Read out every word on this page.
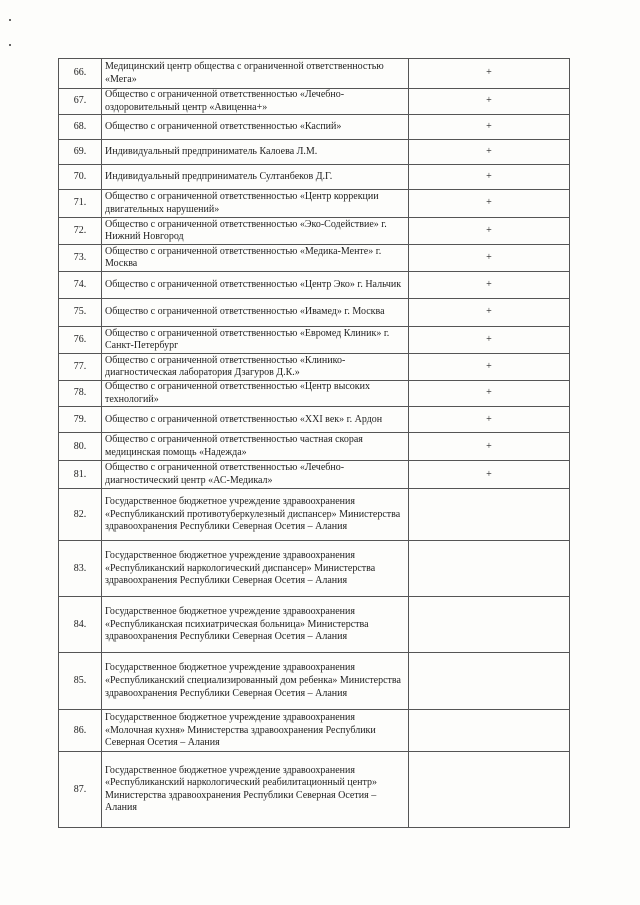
66.	Медицинский центр общества с ограниченной ответственностью «Мега»	+
67.	Общество с ограниченной ответственностью «Лечебно-оздоровительный центр «Авиценна+»	+
68.	Общество с ограниченной ответственностью «Каспий»	+
69.	Индивидуальный предприниматель Калоева Л.М.	+
70.	Индивидуальный предприниматель Султанбеков Д.Г.	+
71.	Общество с ограниченной ответственностью «Центр коррекции двигательных нарушений»	+
72.	Общество с ограниченной ответственностью «Эко-Содействие» г. Нижний Новгород	+
73.	Общество с ограниченной ответственностью «Медика-Менте» г. Москва	+
74.	Общество с ограниченной ответственностью «Центр Эко» г. Нальчик	+
75.	Общество с ограниченной ответственностью «Ивамед» г. Москва	+
76.	Общество с ограниченной ответственностью «Евромед Клиник» г. Санкт-Петербург	+
77.	Общество с ограниченной ответственностью «Клинико-диагностическая лаборатория Дзагуров Д.К.»	+
78.	Общество с ограниченной ответственностью «Центр высоких технологий»	+
79.	Общество с ограниченной ответственностью «XXI век» г. Ардон	+
80.	Общество с ограниченной ответственностью частная скорая медицинская помощь «Надежда»	+
81.	Общество с ограниченной ответственностью «Лечебно-диагностический центр «АС-Медикал»	+
82.	Государственное бюджетное учреждение здравоохранения «Республиканский противотуберкулезный диспансер» Министерства здравоохранения Республики Северная Осетия – Алания	
83.	Государственное бюджетное учреждение здравоохранения «Республиканский наркологический диспансер» Министерства здравоохранения Республики Северная Осетия – Алания	
84.	Государственное бюджетное учреждение здравоохранения «Республиканская психиатрическая больница» Министерства здравоохранения Республики Северная Осетия – Алания	
85.	Государственное бюджетное учреждение здравоохранения «Республиканский специализированный дом ребенка» Министерства здравоохранения Республики Северная Осетия – Алания	
86.	Государственное бюджетное учреждение здравоохранения «Молочная кухня» Министерства здравоохранения Республики Северная Осетия – Алания	
87.	Государственное бюджетное учреждение здравоохранения «Республиканский наркологический реабилитационный центр» Министерства здравоохранения Республики Северная Осетия – Алания	
